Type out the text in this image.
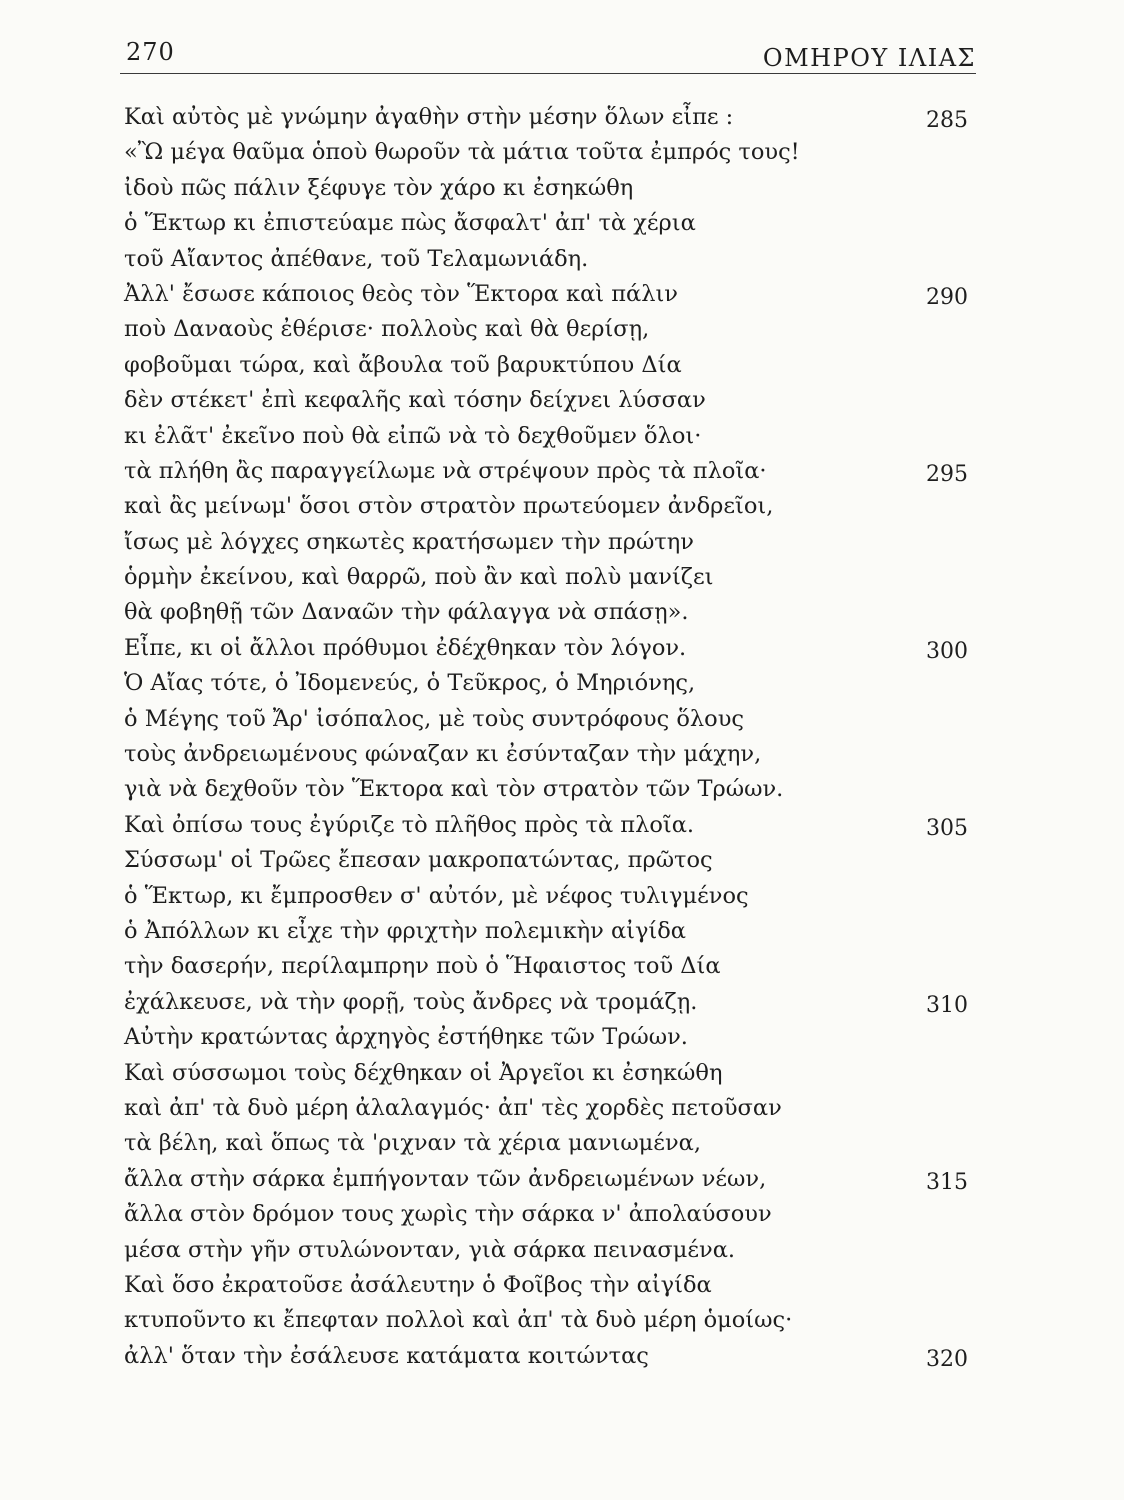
270	ΟΜΗΡΟΥ ΙΛΙΑΣ
Καὶ αὐτὸς μὲ γνώμην ἀγαθὴν στὴν μέσην ὅλων εἶπε :	285
«Ὢ μέγα θαῦμα ὁποὺ θωροῦν τὰ μάτια τοῦτα ἐμπρός τους!
ἰδοὺ πῶς πάλιν ξέφυγε τὸν χάρο κι ἐσηκώθη
ὁ Ἕκτωρ κι ἐπιστεύαμε πὼς ἄσφαλτ' ἀπ' τὰ χέρια
τοῦ Αἴαντος ἀπέθανε, τοῦ Τελαμωνιάδη.
Ἀλλ' ἔσωσε κάποιος θεὸς τὸν Ἕκτορα καὶ πάλιν	290
ποὺ Δαναοὺς ἐθέρισε· πολλοὺς καὶ θὰ θερίσῃ,
φοβοῦμαι τώρα, καὶ ἄβουλα τοῦ βαρυκτύπου Δία
δὲν στέκετ' ἐπὶ κεφαλῆς καὶ τόσην δείχνει λύσσαν
κι ἐλᾶτ' ἐκεῖνο ποὺ θὰ εἰπῶ νὰ τὸ δεχθοῦμεν ὅλοι·
τὰ πλήθη ἂς παραγγείλωμε νὰ στρέψουν πρὸς τὰ πλοῖα·	295
καὶ ἂς μείνωμ' ὅσοι στὸν στρατὸν πρωτεύομεν ἀνδρεῖοι,
ἴσως μὲ λόγχες σηκωτὲς κρατήσωμεν τὴν πρώτην
ὁρμὴν ἐκείνου, καὶ θαρρῶ, ποὺ ἂν καὶ πολὺ μανίζει
θὰ φοβηθῇ τῶν Δαναῶν τὴν φάλαγγα νὰ σπάσῃ».
Εἶπε, κι οἱ ἄλλοι πρόθυμοι ἐδέχθηκαν τὸν λόγον.	300
Ὁ Αἴας τότε, ὁ Ἰδομενεύς, ὁ Τεῦκρος, ὁ Μηριόνης,
ὁ Μέγης τοῦ Ἄρ' ἰσόπαλος, μὲ τοὺς συντρόφους ὅλους
τοὺς ἀνδρειωμένους φώναζαν κι ἐσύνταζαν τὴν μάχην,
γιὰ νὰ δεχθοῦν τὸν Ἕκτορα καὶ τὸν στρατὸν τῶν Τρώων.
Καὶ ὀπίσω τους ἐγύριζε τὸ πλῆθος πρὸς τὰ πλοῖα.	305
Σύσσωμ' οἱ Τρῶες ἔπεσαν μακροπατώντας, πρῶτος
ὁ Ἕκτωρ, κι ἔμπροσθεν σ' αὐτόν, μὲ νέφος τυλιγμένος
ὁ Ἀπόλλων κι εἶχε τὴν φριχτὴν πολεμικὴν αἰγίδα
τὴν δασερήν, περίλαμπρην ποὺ ὁ Ἥφαιστος τοῦ Δία
ἐχάλκευσε, νὰ τὴν φορῇ, τοὺς ἄνδρες νὰ τρομάζῃ.	310
Αὐτὴν κρατώντας ἀρχηγὸς ἐστήθηκε τῶν Τρώων.
Καὶ σύσσωμοι τοὺς δέχθηκαν οἱ Ἀργεῖοι κι ἐσηκώθη
καὶ ἀπ' τὰ δυὸ μέρη ἀλαλαγμός· ἀπ' τὲς χορδὲς πετοῦσαν
τὰ βέλη, καὶ ὅπως τὰ 'ριχναν τὰ χέρια μανιωμένα,
ἄλλα στὴν σάρκα ἐμπήγονταν τῶν ἀνδρειωμένων νέων,	315
ἄλλα στὸν δρόμον τους χωρὶς τὴν σάρκα ν' ἀπολαύσουν
μέσα στὴν γῆν στυλώνονταν, γιὰ σάρκα πεινασμένα.
Καὶ ὅσο ἐκρατοῦσε ἀσάλευτην ὁ Φοῖβος τὴν αἰγίδα
κτυποῦντο κι ἔπεφταν πολλοὶ καὶ ἀπ' τὰ δυὸ μέρη ὁμοίως·
ἀλλ' ὅταν τὴν ἐσάλευσε κατάματα κοιτώντας	320
